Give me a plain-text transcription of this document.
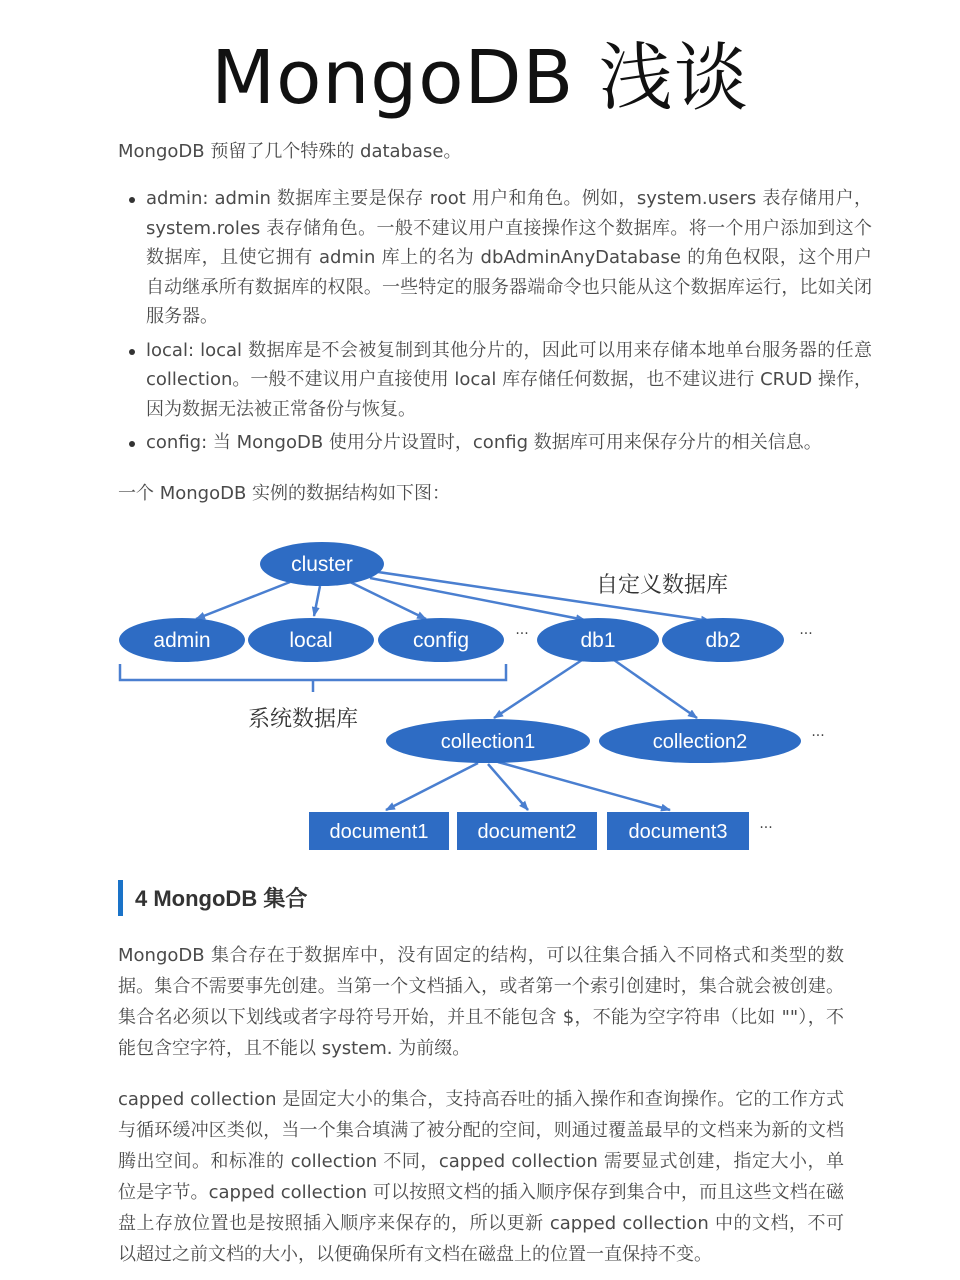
MongoDB 浅谈
MongoDB 预留了几个特殊的 database。
admin: admin 数据库主要是保存 root 用户和角色。例如，system.users 表存储用户，system.roles 表存储角色。一般不建议用户直接操作这个数据库。将一个用户添加到这个数据库，且使它拥有 admin 库上的名为 dbAdminAnyDatabase 的角色权限，这个用户自动继承所有数据库的权限。一些特定的服务器端命令也只能从这个数据库运行，比如关闭服务器。
local: local 数据库是不会被复制到其他分片的，因此可以用来存储本地单台服务器的任意 collection。一般不建议用户直接使用 local 库存储任何数据，也不建议进行 CRUD 操作，因为数据无法被正常备份与恢复。
config: 当 MongoDB 使用分片设置时，config 数据库可用来保存分片的相关信息。
一个 MongoDB 实例的数据结构如下图：
cluster
admin	local	config	··· db1	db2	···
自定义数据库
系统数据库
collection1	collection2	···
document1 document2	document3 ···
4 MongoDB 集合
MongoDB 集合存在于数据库中，没有固定的结构，可以往集合插入不同格式和类型的数据。集合不需要事先创建。当第一个文档插入，或者第一个索引创建时，集合就会被创建。集合名必须以下划线或者字母符号开始，并且不能包含 $，不能为空字符串（比如 ""），不能包含空字符，且不能以 system. 为前缀。
capped collection 是固定大小的集合，支持高吞吐的插入操作和查询操作。它的工作方式与循环缓冲区类似，当一个集合填满了被分配的空间，则通过覆盖最早的文档来为新的文档腾出空间。和标准的 collection 不同，capped collection 需要显式创建，指定大小，单位是字节。capped collection 可以按照文档的插入顺序保存到集合中，而且这些文档在磁盘上存放位置也是按照插入顺序来保存的，所以更新 capped collection 中的文档，不可以超过之前文档的大小，以便确保所有文档在磁盘上的位置一直保持不变。
